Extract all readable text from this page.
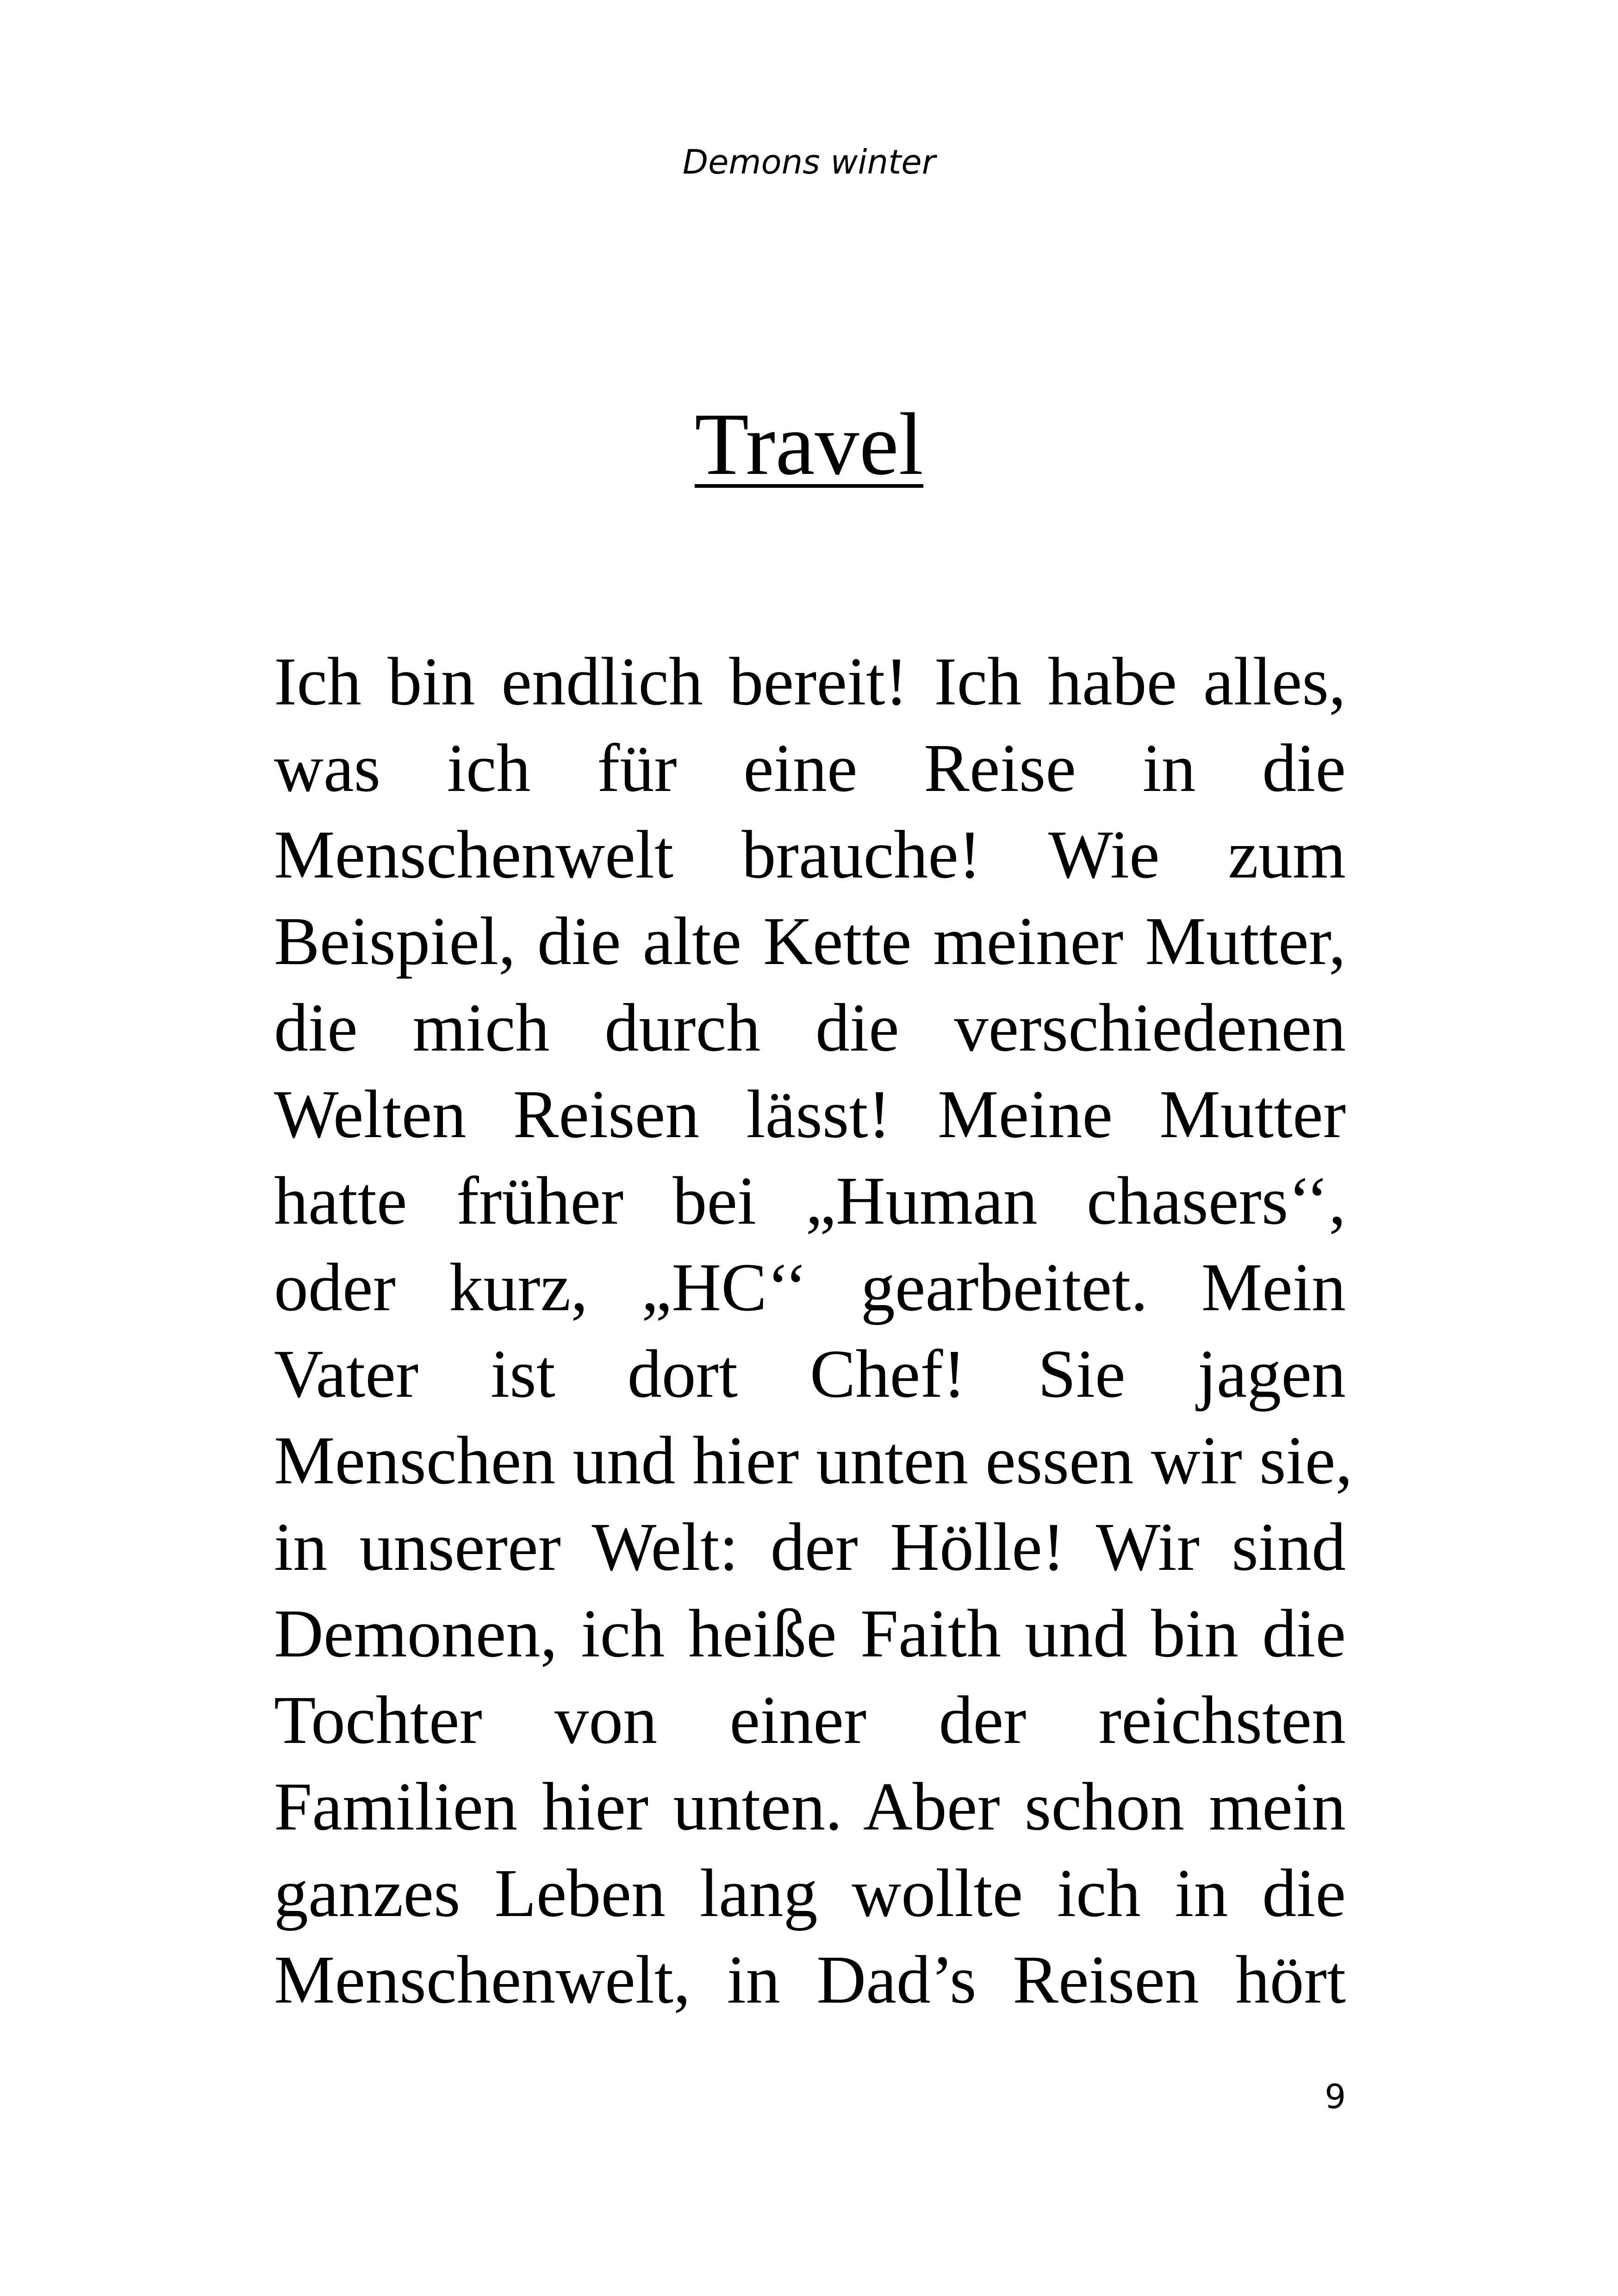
Demons winter
Travel
Ich bin endlich bereit! Ich habe alles,
was ich für eine Reise in die
Menschenwelt brauche! Wie zum
Beispiel, die alte Kette meiner Mutter,
die mich durch die verschiedenen
Welten Reisen lässt! Meine Mutter
hatte früher bei „Human chasers‘‘,
oder kurz, „HC‘‘ gearbeitet. Mein
Vater ist dort Chef! Sie jagen
Menschen und hier unten essen wir sie,
in unserer Welt: der Hölle! Wir sind
Demonen, ich heiße Faith und bin die
Tochter von einer der reichsten
Familien hier unten. Aber schon mein
ganzes Leben lang wollte ich in die
Menschenwelt, in Dad’s Reisen hört
9
